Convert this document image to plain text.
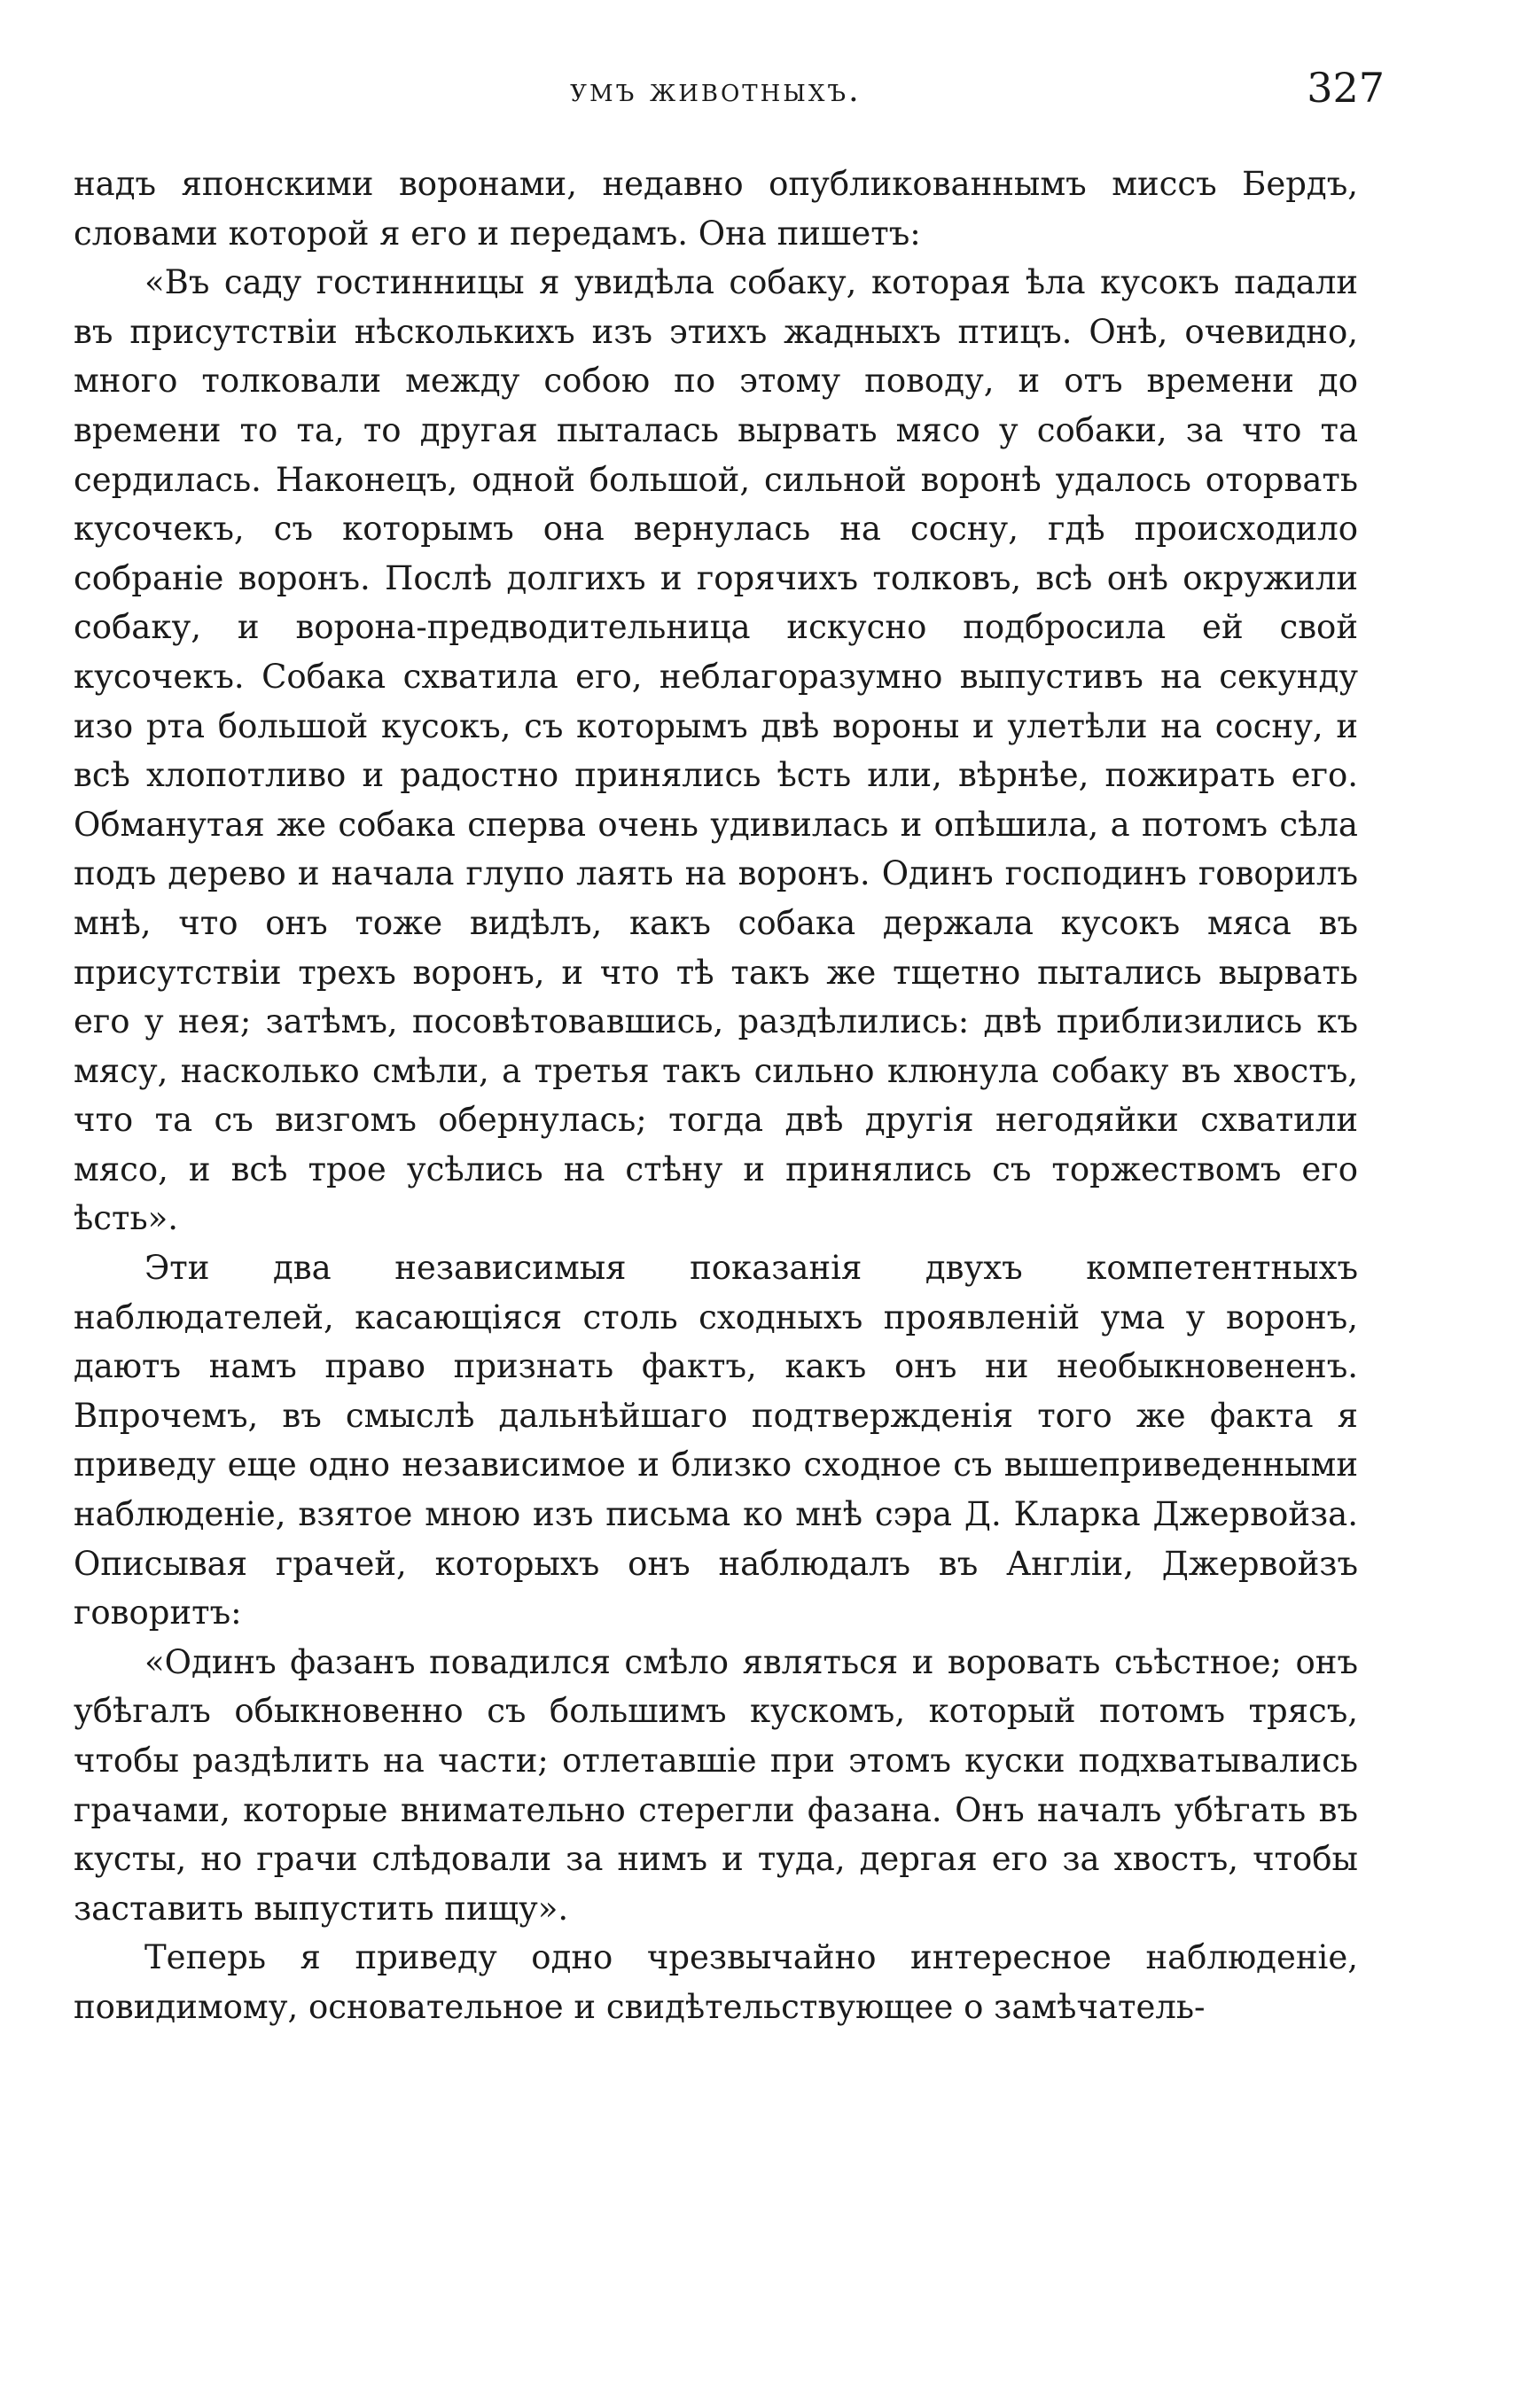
умъ животныхъ.	327

надъ японскими воронами, недавно опубликованнымъ миссъ Бердъ, словами которой я его и передамъ. Она пишетъ:

«Въ саду гостинницы я увидѣла собаку, которая ѣла кусокъ падали въ присутствіи нѣсколькихъ изъ этихъ жадныхъ птицъ. Онѣ, очевидно, много толковали между собою по этому поводу, и отъ времени до времени то та, то другая пыталась вырвать мясо у собаки, за что та сердилась. Наконецъ, одной большой, сильной воронѣ удалось оторвать кусочекъ, съ которымъ она вернулась на сосну, гдѣ происходило собраніе воронъ. Послѣ долгихъ и горячихъ толковъ, всѣ онѣ окружили собаку, и ворона-предводительница искусно подбросила ей свой кусочекъ. Собака схватила его, неблагоразумно выпустивъ на секунду изо рта большой кусокъ, съ которымъ двѣ вороны и улетѣли на сосну, и всѣ хлопотливо и радостно принялись ѣсть или, вѣрнѣе, пожирать его. Обманутая же собака сперва очень удивилась и опѣшила, а потомъ сѣла подъ дерево и начала глупо лаять на воронъ. Одинъ господинъ говорилъ мнѣ, что онъ тоже видѣлъ, какъ собака держала кусокъ мяса въ присутствіи трехъ воронъ, и что тѣ такъ же тщетно пытались вырвать его у нея; затѣмъ, посовѣтовавшись, раздѣлились: двѣ приблизились къ мясу, насколько смѣли, а третья такъ сильно клюнула собаку въ хвостъ, что та съ визгомъ обернулась; тогда двѣ другія негодяйки схватили мясо, и всѣ трое усѣлись на стѣну и принялись съ торжествомъ его ѣсть».

Эти два независимыя показанія двухъ компетентныхъ наблюдателей, касающіяся столь сходныхъ проявленій ума у воронъ, даютъ намъ право признать фактъ, какъ онъ ни необыкновененъ. Впрочемъ, въ смыслѣ дальнѣйшаго подтвержденія того же факта я приведу еще одно независимое и близко сходное съ вышеприведенными наблюденіе, взятое мною изъ письма ко мнѣ сэра Д. Кларка Джервойза. Описывая грачей, которыхъ онъ наблюдалъ въ Англіи, Джервойзъ говоритъ:

«Одинъ фазанъ повадился смѣло являться и воровать съѣстное; онъ убѣгалъ обыкновенно съ большимъ кускомъ, который потомъ трясъ, чтобы раздѣлить на части; отлетавшіе при этомъ куски подхватывались грачами, которые внимательно стерегли фазана. Онъ началъ убѣгать въ кусты, но грачи слѣдовали за нимъ и туда, дергая его за хвостъ, чтобы заставить выпустить пищу».

Теперь я приведу одно чрезвычайно интересное наблюденіе, повидимому, основательное и свидѣтельствующее о замѣчатель-
